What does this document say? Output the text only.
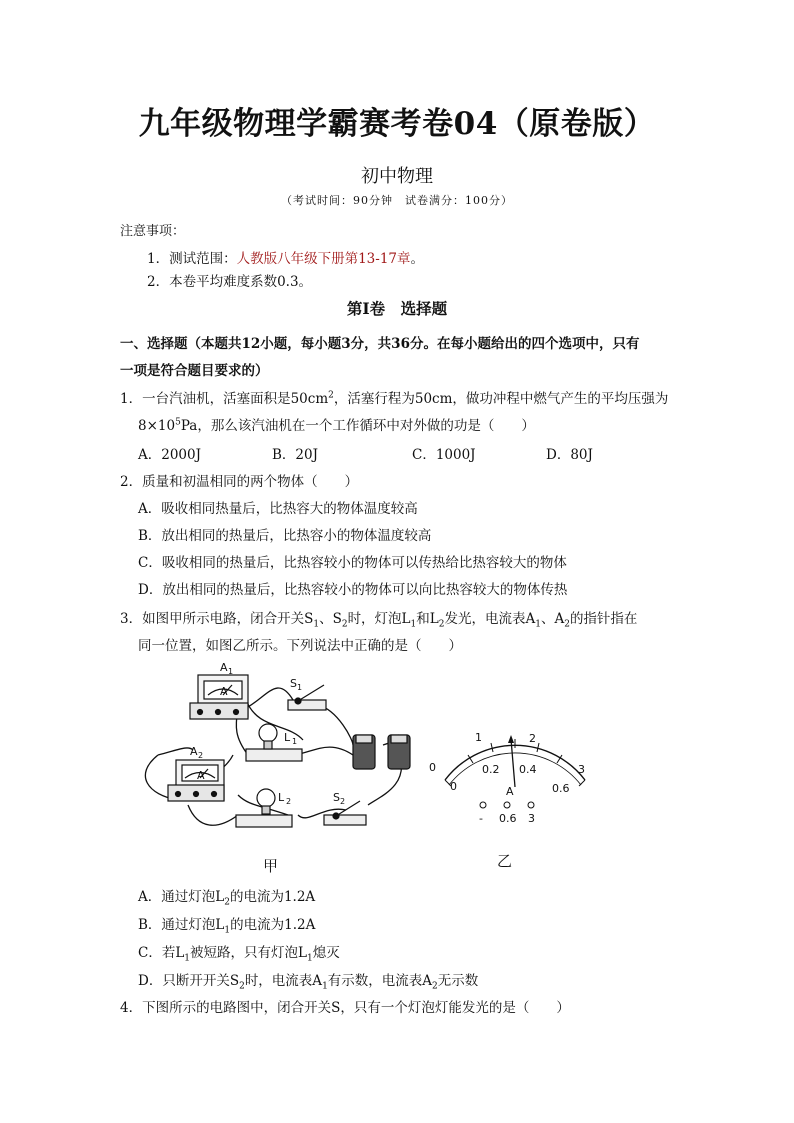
九年级物理学霸赛考卷04（原卷版）
初中物理
（考试时间：90分钟　试卷满分：100分）
注意事项：
1．测试范围：人教版八年级下册第13-17章。
2．本卷平均难度系数0.3。
第Ⅰ卷　选择题
一、选择题（本题共12小题，每小题3分，共36分。在每小题给出的四个选项中，只有
一项是符合题目要求的）
1．一台汽油机，活塞面积是$50cm^2$，活塞行程为50cm，做功冲程中燃气产生的平均压强为
$8\times 10^5Pa$，那么该汽油机在一个工作循环中对外做的功是（　　）
A．2000J	B．20J	C．1000J	D．80J
2．质量和初温相同的两个物体（　　）
A．吸收相同热量后，比热容大的物体温度较高
B．放出相同的热量后，比热容小的物体温度较高
C．吸收相同的热量后，比热容较小的物体可以传热给比热容较大的物体
D．放出相同的热量后，比热容较小的物体可以向比热容较大的物体传热
3．如图甲所示电路，闭合开关$S_1$、$S_2$时，灯泡$L_1$和$L_2$发光，电流表$A_1$、$A_2$的指针指在
同一位置，如图乙所示。下列说法中正确的是（　　）
A
A 1
A
A 2
S 1
L 1
L 2	S 2
甲
0
1	2
3
0
0.2 0.4
0.6
A
- 0.6 3
乙
A．通过灯泡$L_2$的电流为1.2A
B．通过灯泡$L_1$的电流为1.2A
C．若$L_1$被短路，只有灯泡$L_1$熄灭
D．只断开开关$S_2$时，电流表$A_1$有示数，电流表$A_2$无示数
4．下图所示的电路图中，闭合开关S，只有一个灯泡灯能发光的是（　　）
